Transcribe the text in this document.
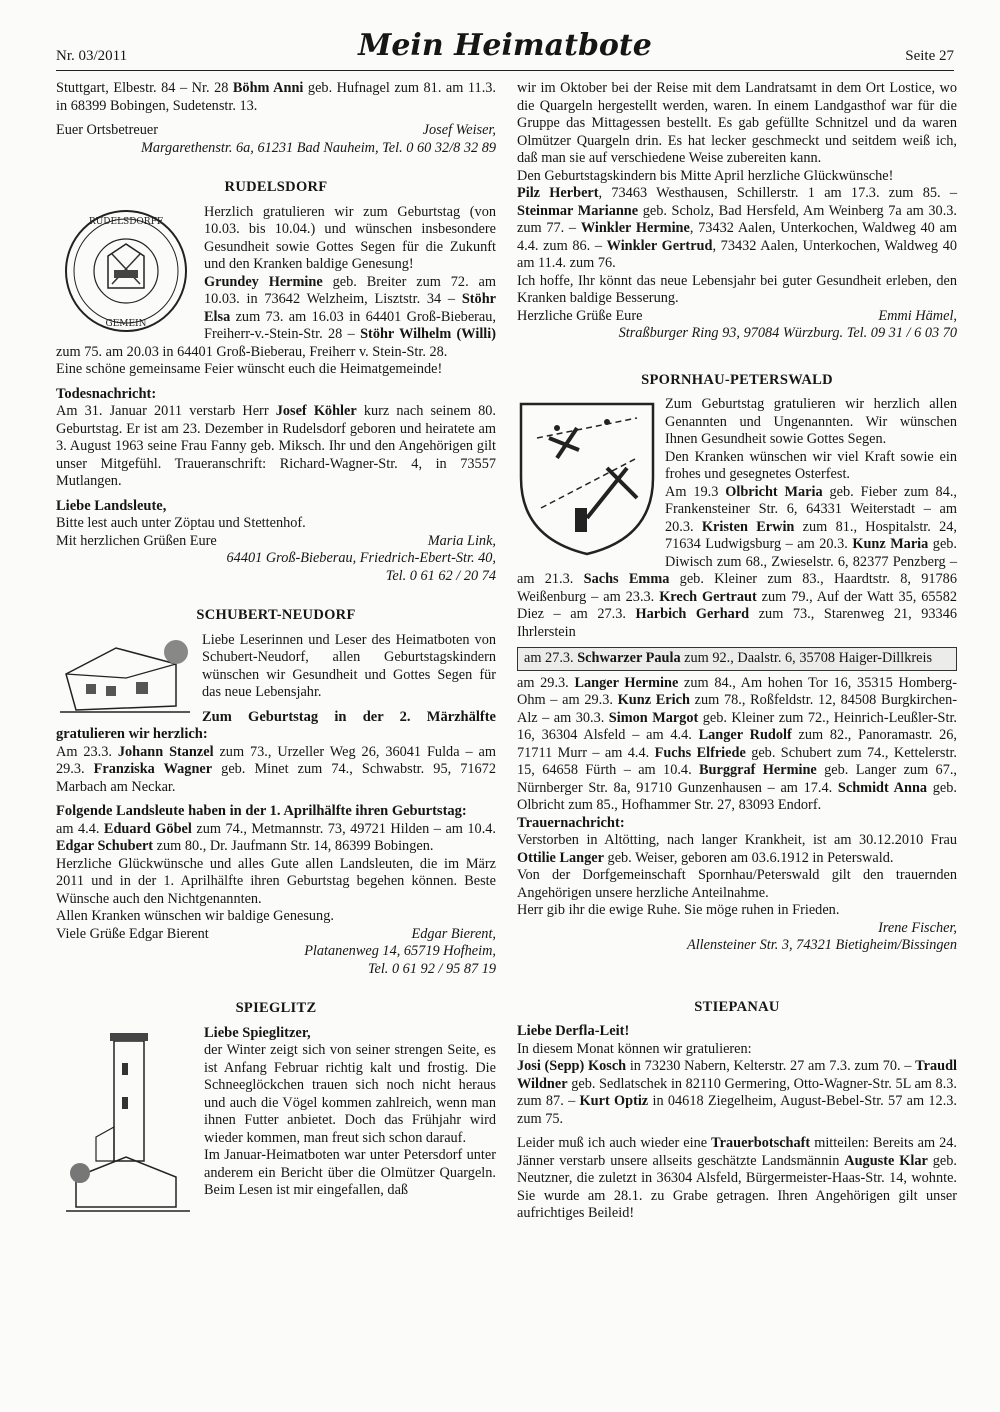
Nr. 03/2011	Mein Heimatbote	Seite 27

Stuttgart, Elbestr. 84 – Nr. 28 Böhm Anni geb. Hufnagel zum 81. am 11.3. in 68399 Bobingen, Sudetenstr. 13.

Euer Ortsbetreuer	Josef Weiser,
Margarethenstr. 6a, 61231 Bad Nauheim, Tel. 0 60 32/8 32 89
RUDELSDORF
RUDELSDORFF
GEMEIN

Herzlich gratulieren wir zum Geburtstag (von 10.03. bis 10.04.) und wünschen insbesondere Gesundheit sowie Gottes Segen für die Zukunft und den Kranken baldige Genesung!

Grundey Hermine geb. Breiter zum 72. am 10.03. in 73642 Welzheim, Lisztstr. 34 – Stöhr Elsa zum 73. am 16.03 in 64401 Groß-Bieberau, Freiherr-v.-Stein-Str. 28 – Stöhr Wilhelm (Willi) zum 75. am 20.03 in 64401 Groß-Bieberau, Freiherr v. Stein-Str. 28.

Eine schöne gemeinsame Feier wünscht euch die Heimatgemeinde!

Todesnachricht:

Am 31. Januar 2011 verstarb Herr Josef Köhler kurz nach seinem 80. Geburtstag. Er ist am 23. Dezember in Rudelsdorf geboren und heiratete am 3. August 1963 seine Frau Fanny geb. Miksch. Ihr und den Angehörigen gilt unser Mitgefühl. Traueranschrift: Richard-Wagner-Str. 4, in 73557 Mutlangen.

Liebe Landsleute,

Bitte lest auch unter Zöptau und Stettenhof.

Mit herzlichen Grüßen Eure	Maria Link,
64401 Groß-Bieberau, Friedrich-Ebert-Str. 40,
Tel. 0 61 62 / 20 74
SCHUBERT-NEUDORF

Liebe Leserinnen und Leser des Heimatboten von Schubert-Neudorf, allen Geburtstagskindern wünschen wir Gesundheit und Gottes Segen für das neue Lebensjahr.

Zum Geburtstag in der 2. Märzhälfte gratulieren wir herzlich:

Am 23.3. Johann Stanzel zum 73., Urzeller Weg 26, 36041 Fulda – am 29.3. Franziska Wagner geb. Minet zum 74., Schwabstr. 95, 71672 Marbach am Neckar.

Folgende Landsleute haben in der 1. Aprilhälfte ihren Geburtstag:

am 4.4. Eduard Göbel zum 74., Metmannstr. 73, 49721 Hilden – am 10.4. Edgar Schubert zum 80., Dr. Jaufmann Str. 14, 86399 Bobingen.

Herzliche Glückwünsche und alles Gute allen Landsleuten, die im März 2011 und in der 1. Aprilhälfte ihren Geburtstag begehen können. Beste Wünsche auch den Nichtgenannten.

Allen Kranken wünschen wir baldige Genesung.

Viele Grüße Edgar Bierent	Edgar Bierent,
Platanenweg 14, 65719 Hofheim,
Tel. 0 61 92 / 95 87 19
SPIEGLITZ
Liebe Spieglitzer,

der Winter zeigt sich von seiner strengen Seite, es ist Anfang Februar richtig kalt und frostig. Die Schneeglöckchen trauen sich noch nicht heraus und auch die Vögel kommen zahlreich, wenn man ihnen Futter anbietet. Doch das Frühjahr wird wieder kommen, man freut sich schon darauf.

Im Januar-Heimatboten war unter Petersdorf unter anderem ein Bericht über die Olmützer Quargeln. Beim Lesen ist mir eingefallen, daß

wir im Oktober bei der Reise mit dem Landratsamt in dem Ort Lostice, wo die Quargeln hergestellt werden, waren. In einem Landgasthof war für die Gruppe das Mittagessen bestellt. Es gab gefüllte Schnitzel und da waren Olmützer Quargeln drin. Es hat lecker geschmeckt und seitdem weiß ich, daß man sie auf verschiedene Weise zubereiten kann.

Den Geburtstagskindern bis Mitte April herzliche Glückwünsche!

Pilz Herbert, 73463 Westhausen, Schillerstr. 1 am 17.3. zum 85. – Steinmar Marianne geb. Scholz, Bad Hersfeld, Am Weinberg 7a am 30.3. zum 77. – Winkler Hermine, 73432 Aalen, Unterkochen, Waldweg 40 am 4.4. zum 86. – Winkler Gertrud, 73432 Aalen, Unterkochen, Waldweg 40 am 11.4. zum 76.

Ich hoffe, Ihr könnt das neue Lebensjahr bei guter Gesundheit erleben, den Kranken baldige Besserung.

Herzliche Grüße Eure	Emmi Hämel,
Straßburger Ring 93, 97084 Würzburg. Tel. 09 31 / 6 03 70
SPORNHAU-PETERSWALD

Zum Geburtstag gratulieren wir herzlich allen Genannten und Ungenannten. Wir wünschen Ihnen Gesundheit sowie Gottes Segen.

Den Kranken wünschen wir viel Kraft sowie ein frohes und gesegnetes Osterfest.

Am 19.3 Olbricht Maria geb. Fieber zum 84., Frankensteiner Str. 6, 64331 Weiterstadt – am 20.3. Kristen Erwin zum 81., Hospitalstr. 24, 71634 Ludwigsburg – am 20.3. Kunz Maria geb. Diwisch zum 68., Zwieselstr. 6, 82377 Penzberg – am 21.3. Sachs Emma geb. Kleiner zum 83., Haardtstr. 8, 91786 Weißenburg – am 23.3. Krech Gertraut zum 79., Auf der Watt 35, 65582 Diez – am 27.3. Harbich Gerhard zum 73., Starenweg 21, 93346 Ihrlerstein

am 27.3. Schwarzer Paula zum 92., Daalstr. 6, 35708 Haiger-Dillkreis

am 29.3. Langer Hermine zum 84., Am hohen Tor 16, 35315 Homberg-Ohm – am 29.3. Kunz Erich zum 78., Roßfeldstr. 12, 84508 Burgkirchen-Alz – am 30.3. Simon Margot geb. Kleiner zum 72., Heinrich-Leußler-Str. 16, 36304 Alsfeld – am 4.4. Langer Rudolf zum 82., Panoramastr. 26, 71711 Murr – am 4.4. Fuchs Elfriede geb. Schubert zum 74., Kettelerstr. 15, 64658 Fürth – am 10.4. Burggraf Hermine geb. Langer zum 67., Nürnberger Str. 8a, 91710 Gunzenhausen – am 17.4. Schmidt Anna geb. Olbricht zum 85., Hofhammer Str. 27, 83093 Endorf.

Trauernachricht:

Verstorben in Altötting, nach langer Krankheit, ist am 30.12.2010 Frau Ottilie Langer geb. Weiser, geboren am 03.6.1912 in Peterswald.

Von der Dorfgemeinschaft Spornhau/Peterswald gilt den trauernden Angehörigen unsere herzliche Anteilnahme.

Herr gib ihr die ewige Ruhe. Sie möge ruhen in Frieden.

Irene Fischer,
Allensteiner Str. 3, 74321 Bietigheim/Bissingen
STIEPANAU
Liebe Derfla-Leit!

In diesem Monat können wir gratulieren:

Josi (Sepp) Kosch in 73230 Nabern, Kelterstr. 27 am 7.3. zum 70. – Traudl Wildner geb. Sedlatschek in 82110 Germering, Otto-Wagner-Str. 5L am 8.3. zum 87. – Kurt Optiz in 04618 Ziegelheim, August-Bebel-Str. 57 am 12.3. zum 75.

Leider muß ich auch wieder eine Trauerbotschaft mitteilen: Bereits am 24. Jänner verstarb unsere allseits geschätzte Landsmännin Auguste Klar geb. Neutzner, die zuletzt in 36304 Alsfeld, Bürgermeister-Haas-Str. 14, wohnte. Sie wurde am 28.1. zu Grabe getragen. Ihren Angehörigen gilt unser aufrichtiges Beileid!
